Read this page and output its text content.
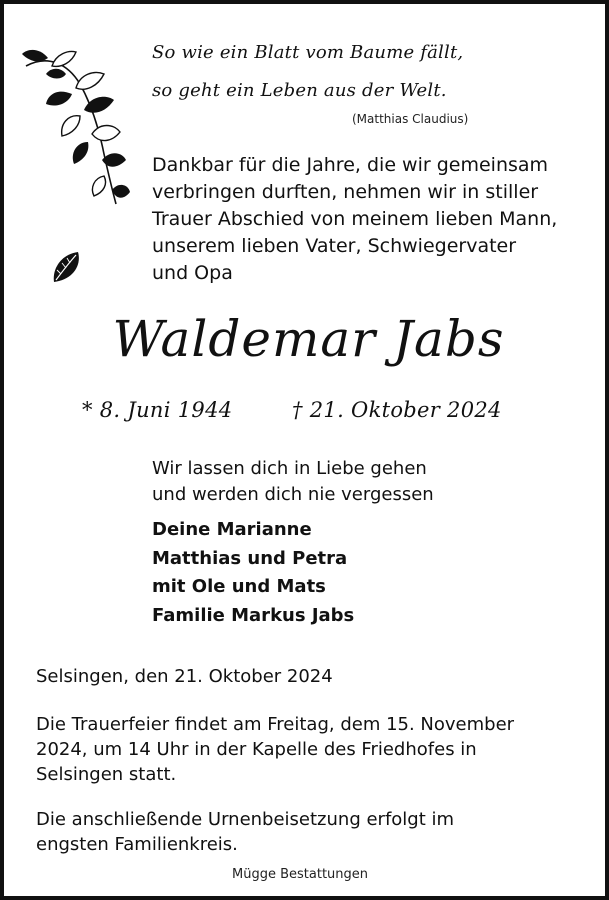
So wie ein Blatt vom Baume fällt,

so geht ein Leben aus der Welt.

(Matthias Claudius)

Dankbar für die Jahre, die wir gemeinsam

verbringen durften, nehmen wir in stiller

Trauer Abschied von meinem lieben Mann,

unserem lieben Vater, Schwiegervater

und Opa

Waldemar Jabs

* 8. Juni 1944	† 21. Oktober 2024

Wir lassen dich in Liebe gehen

und werden dich nie vergessen

Deine Marianne

Matthias und Petra

mit Ole und Mats

Familie Markus Jabs

Selsingen, den 21. Oktober 2024

Die Trauerfeier findet am Freitag, dem 15. November

2024, um 14 Uhr in der Kapelle des Friedhofes in

Selsingen statt.

Die anschließende Urnenbeisetzung erfolgt im

engsten Familienkreis.

Mügge Bestattungen
